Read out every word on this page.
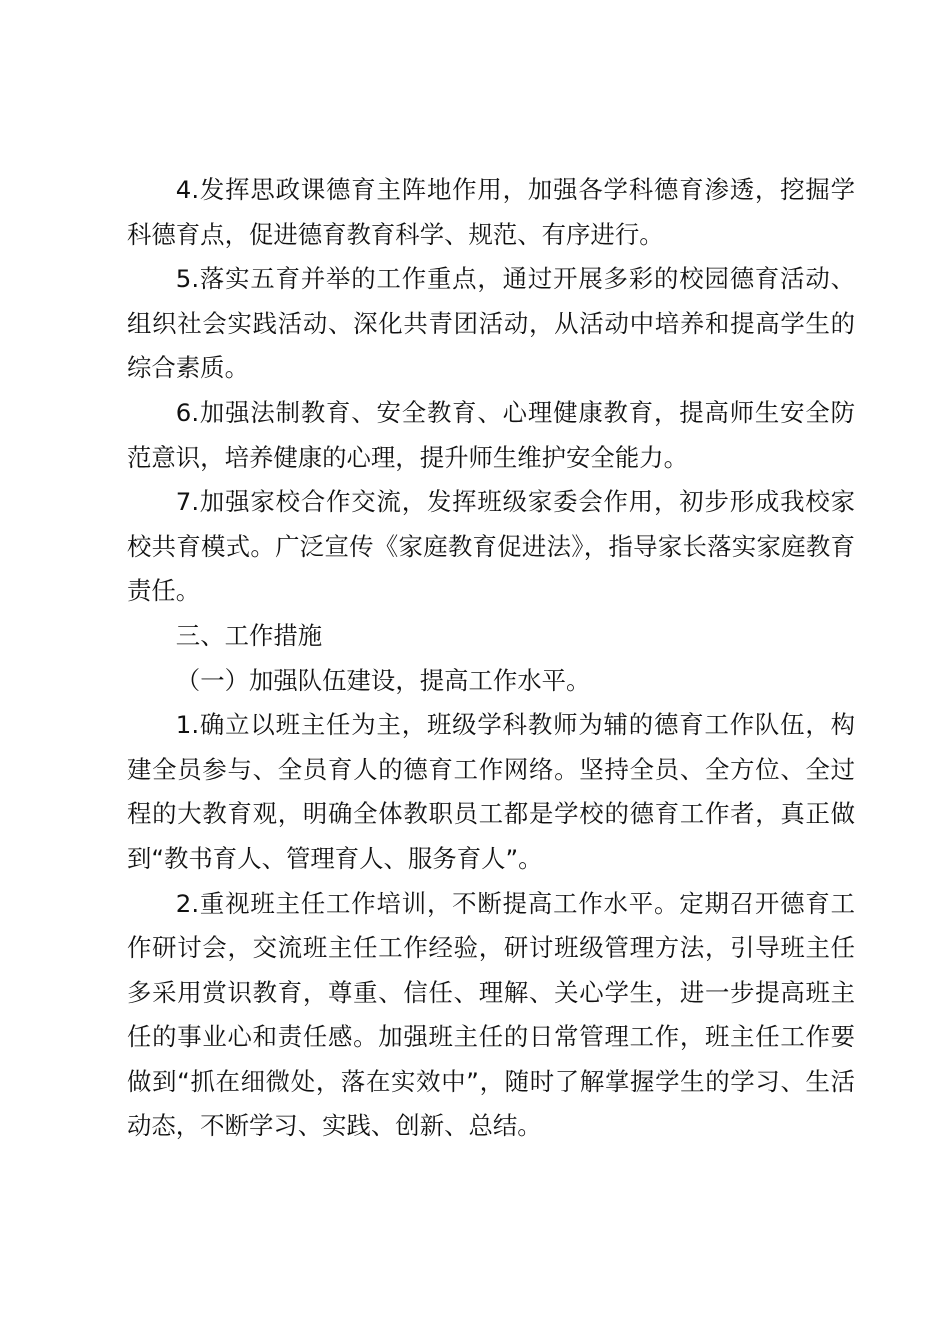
4.发挥思政课德育主阵地作用，加强各学科德育渗透，挖掘学科德育点，促进德育教育科学、规范、有序进行。

5.落实五育并举的工作重点，通过开展多彩的校园德育活动、组织社会实践活动、深化共青团活动，从活动中培养和提高学生的综合素质。

6.加强法制教育、安全教育、心理健康教育，提高师生安全防范意识，培养健康的心理，提升师生维护安全能力。

7.加强家校合作交流，发挥班级家委会作用，初步形成我校家校共育模式。广泛宣传《家庭教育促进法》，指导家长落实家庭教育责任。

三、工作措施

（一）加强队伍建设，提高工作水平。

1.确立以班主任为主，班级学科教师为辅的德育工作队伍，构建全员参与、全员育人的德育工作网络。坚持全员、全方位、全过程的大教育观，明确全体教职员工都是学校的德育工作者，真正做到“教书育人、管理育人、服务育人”。

2.重视班主任工作培训，不断提高工作水平。定期召开德育工作研讨会，交流班主任工作经验，研讨班级管理方法，引导班主任多采用赏识教育，尊重、信任、理解、关心学生，进一步提高班主任的事业心和责任感。加强班主任的日常管理工作，班主任工作要做到“抓在细微处，落在实效中”，随时了解掌握学生的学习、生活动态，不断学习、实践、创新、总结。
